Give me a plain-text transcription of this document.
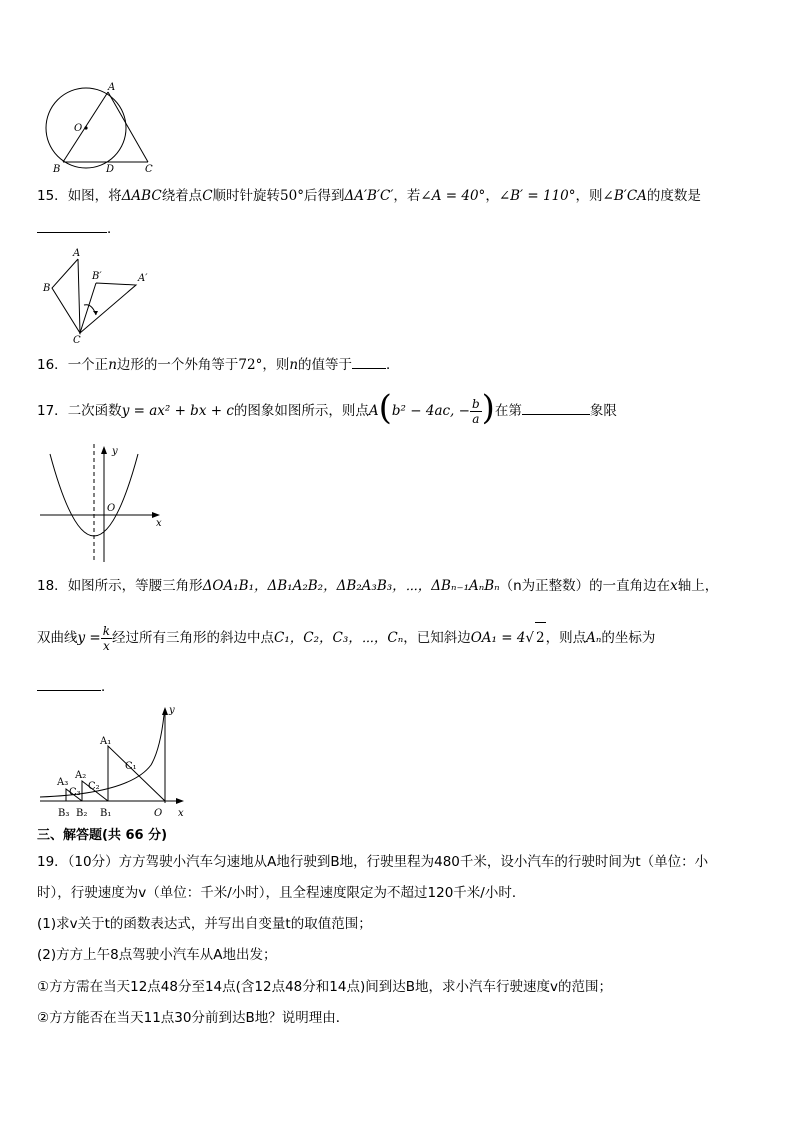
A
O
B	D	C
15．如图，将ΔABC绕着点C顺时针旋转50°后得到ΔA′B′C′，若∠A = 40°，∠B′ = 110°，则∠B′CA的度数是
．
A
B
B′	A′
C
16．一个正n边形的一个外角等于72°，则n的值等于	．
17．二次函数y = ax² + bx + c的图象如图所示，则点A(b² − 4ac, − $\frac{b}{a}$ )在第	象限
y
O
x
18．如图所示，等腰三角形ΔOA₁B₁，ΔB₁A₂B₂，ΔB₂A₃B₃，⋯，ΔBₙ₋₁AₙBₙ（n为正整数）的一直角边在x轴上，
双曲线$y = \frac{k}{x}$ 经过所有三角形的斜边中点C₁，C₂，C₃，⋯，Cₙ，已知斜边OA₁ = 4√ 2，则点Aₙ的坐标为
．
y
A₁
C₁
A₂
A₃ C₂
C₃
B₃ B₂ B₁	O x
三、解答题(共 66 分)
19．（10分）方方驾驶小汽车匀速地从A地行驶到B地，行驶里程为480千米，设小汽车的行驶时间为t（单位：小
时），行驶速度为v（单位：千米/小时），且全程速度限定为不超过120千米/小时．
(1)求v关于t的函数表达式，并写出自变量t的取值范围；
(2)方方上午8点驾驶小汽车从A地出发；
①方方需在当天12点48分至14点(含12点48分和14点)间到达B地，求小汽车行驶速度v的范围；
②方方能否在当天11点30分前到达B地？说明理由．
